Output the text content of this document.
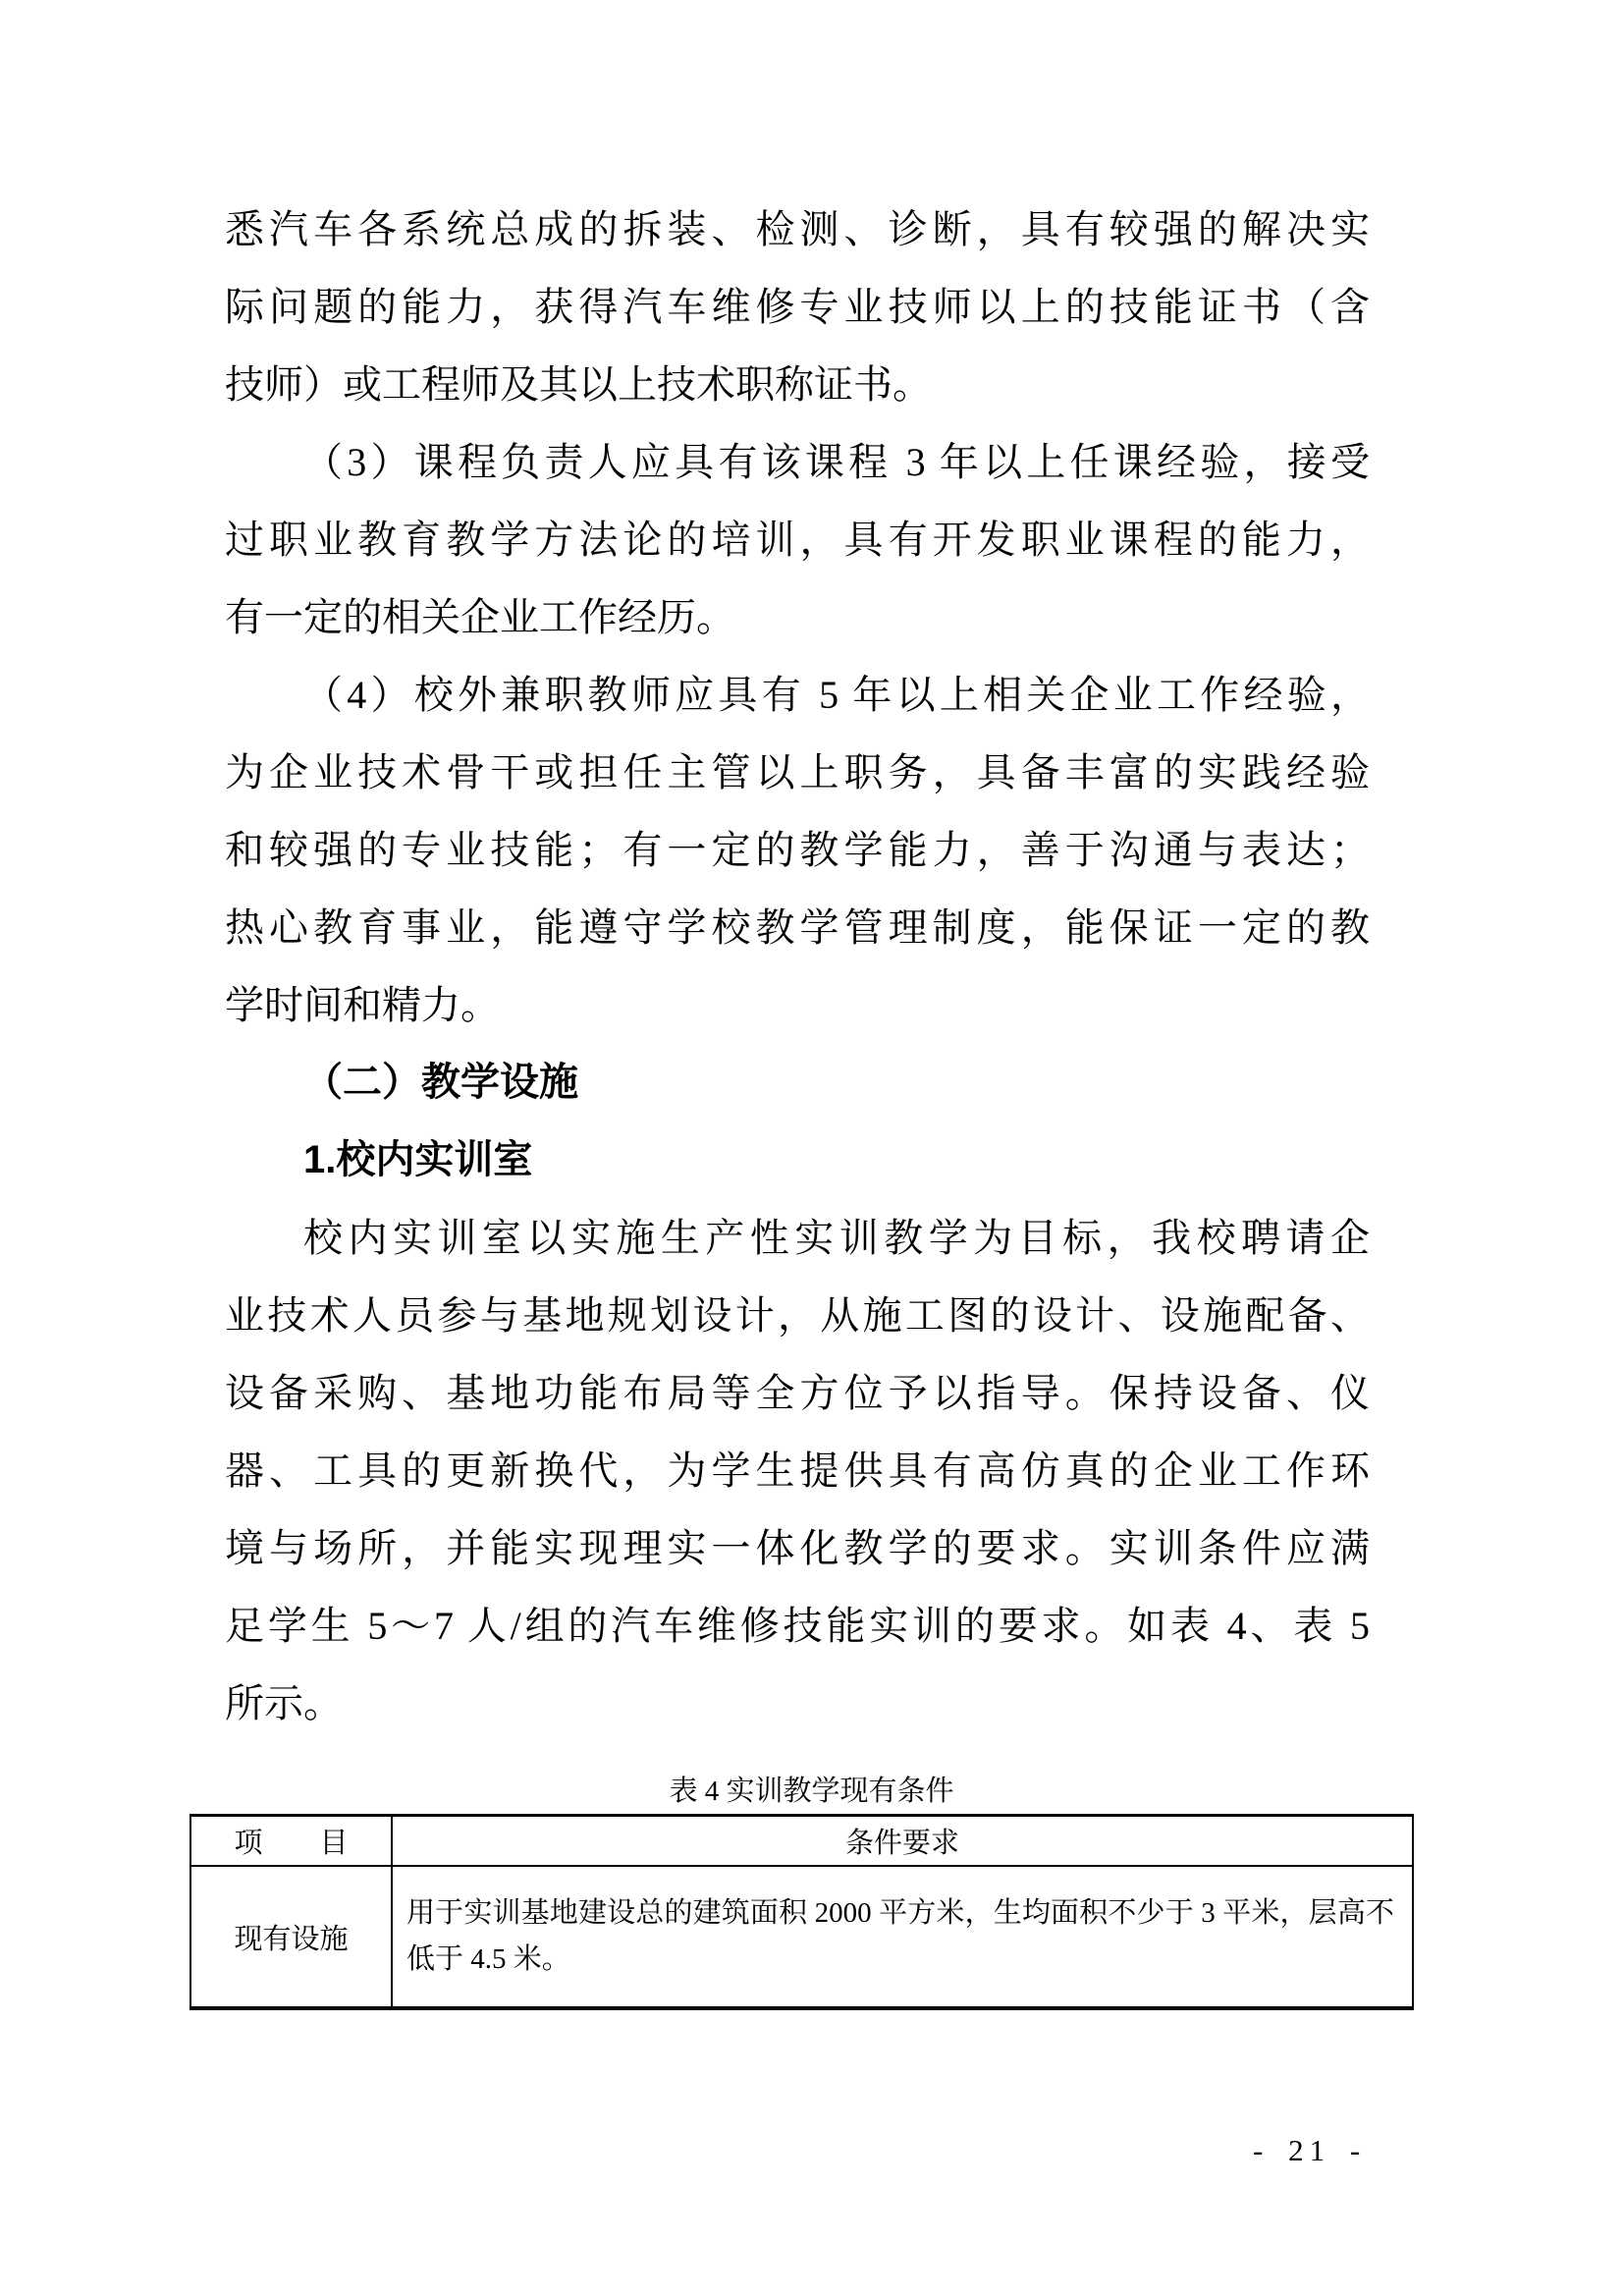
悉汽车各系统总成的拆装、检测、诊断，具有较强的解决实
际问题的能力，获得汽车维修专业技师以上的技能证书（含
技师）或工程师及其以上技术职称证书。
（3）课程负责人应具有该课程 3 年以上任课经验，接受
过职业教育教学方法论的培训，具有开发职业课程的能力，
有一定的相关企业工作经历。
（4）校外兼职教师应具有 5 年以上相关企业工作经验，
为企业技术骨干或担任主管以上职务，具备丰富的实践经验
和较强的专业技能；有一定的教学能力，善于沟通与表达；
热心教育事业，能遵守学校教学管理制度，能保证一定的教
学时间和精力。
（二）教学设施
1.校内实训室
校内实训室以实施生产性实训教学为目标，我校聘请企
业技术人员参与基地规划设计，从施工图的设计、设施配备、
设备采购、基地功能布局等全方位予以指导。保持设备、仪
器、工具的更新换代，为学生提供具有高仿真的企业工作环
境与场所，并能实现理实一体化教学的要求。实训条件应满
足学生 5～7 人/组的汽车维修技能实训的要求。如表 4、表 5
所示。
表 4 实训教学现有条件
项　　目	条件要求
现有设施	用于实训基地建设总的建筑面积 2000 平方米，生均面积不少于 3 平米，层高不低于 4.5 米。
- 21 -
